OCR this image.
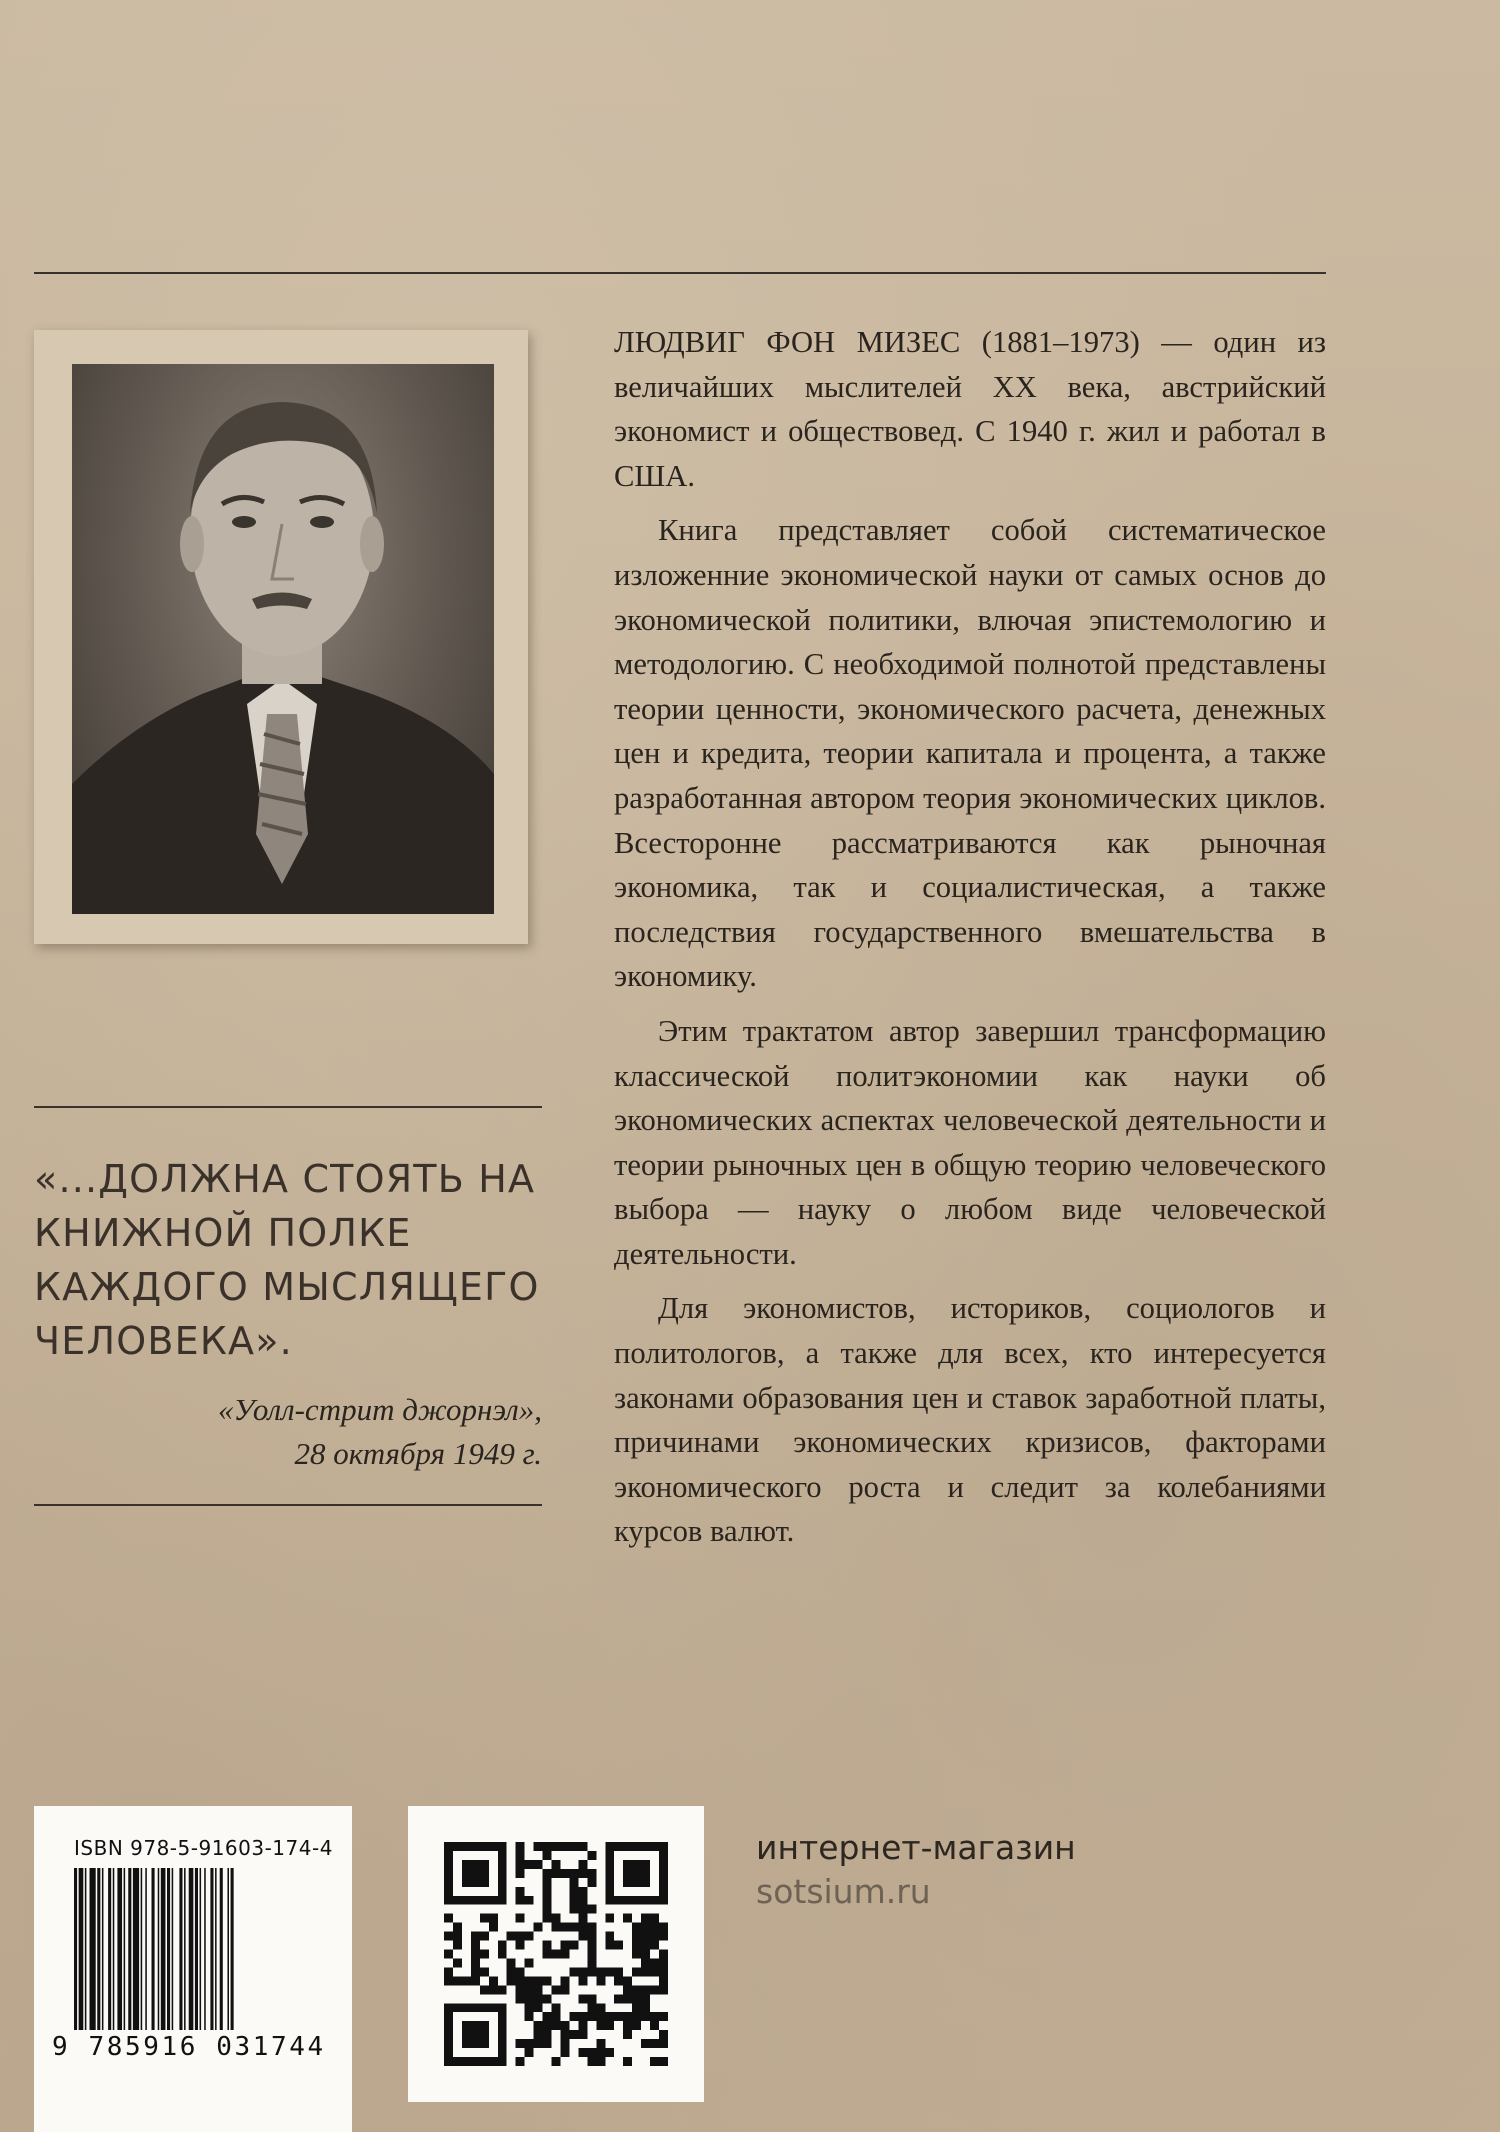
ЛЮДВИГ ФОН МИЗЕС (1881–1973) — один из величайших мыслителей XX века, австрийский экономист и обществовед. С 1940 г. жил и работал в США.

Книга представляет собой систематическое изложенние экономической науки от самых основ до экономической политики, влючая эпистемологию и методологию. С необходимой полнотой представлены теории ценности, экономического расчета, денежных цен и кредита, теории капитала и процента, а также разработанная автором теория экономических циклов. Всесторонне рассматриваются как рыночная экономика, так и социалистическая, а также последствия государственного вмешательства в экономику.

Этим трактатом автор завершил трансформацию классической политэкономии как науки об экономических аспектах человеческой деятельности и теории рыночных цен в общую теорию человеческого выбора — науку о любом виде человеческой деятельности.

Для экономистов, историков, социологов и политологов, а также для всех, кто интересуется законами образования цен и ставок заработной платы, причинами экономических кризисов, факторами экономического роста и следит за колебаниями курсов валют.

«...ДОЛЖНА СТОЯТЬ НА КНИЖНОЙ ПОЛКЕ КАЖДОГО МЫСЛЯЩЕГО ЧЕЛОВЕКА».
«Уолл-стрит джорнэл»,
28 октября 1949 г.
ISBN 978-5-91603-174-4
9 785916 031744
интернет-магазин
sotsium.ru
